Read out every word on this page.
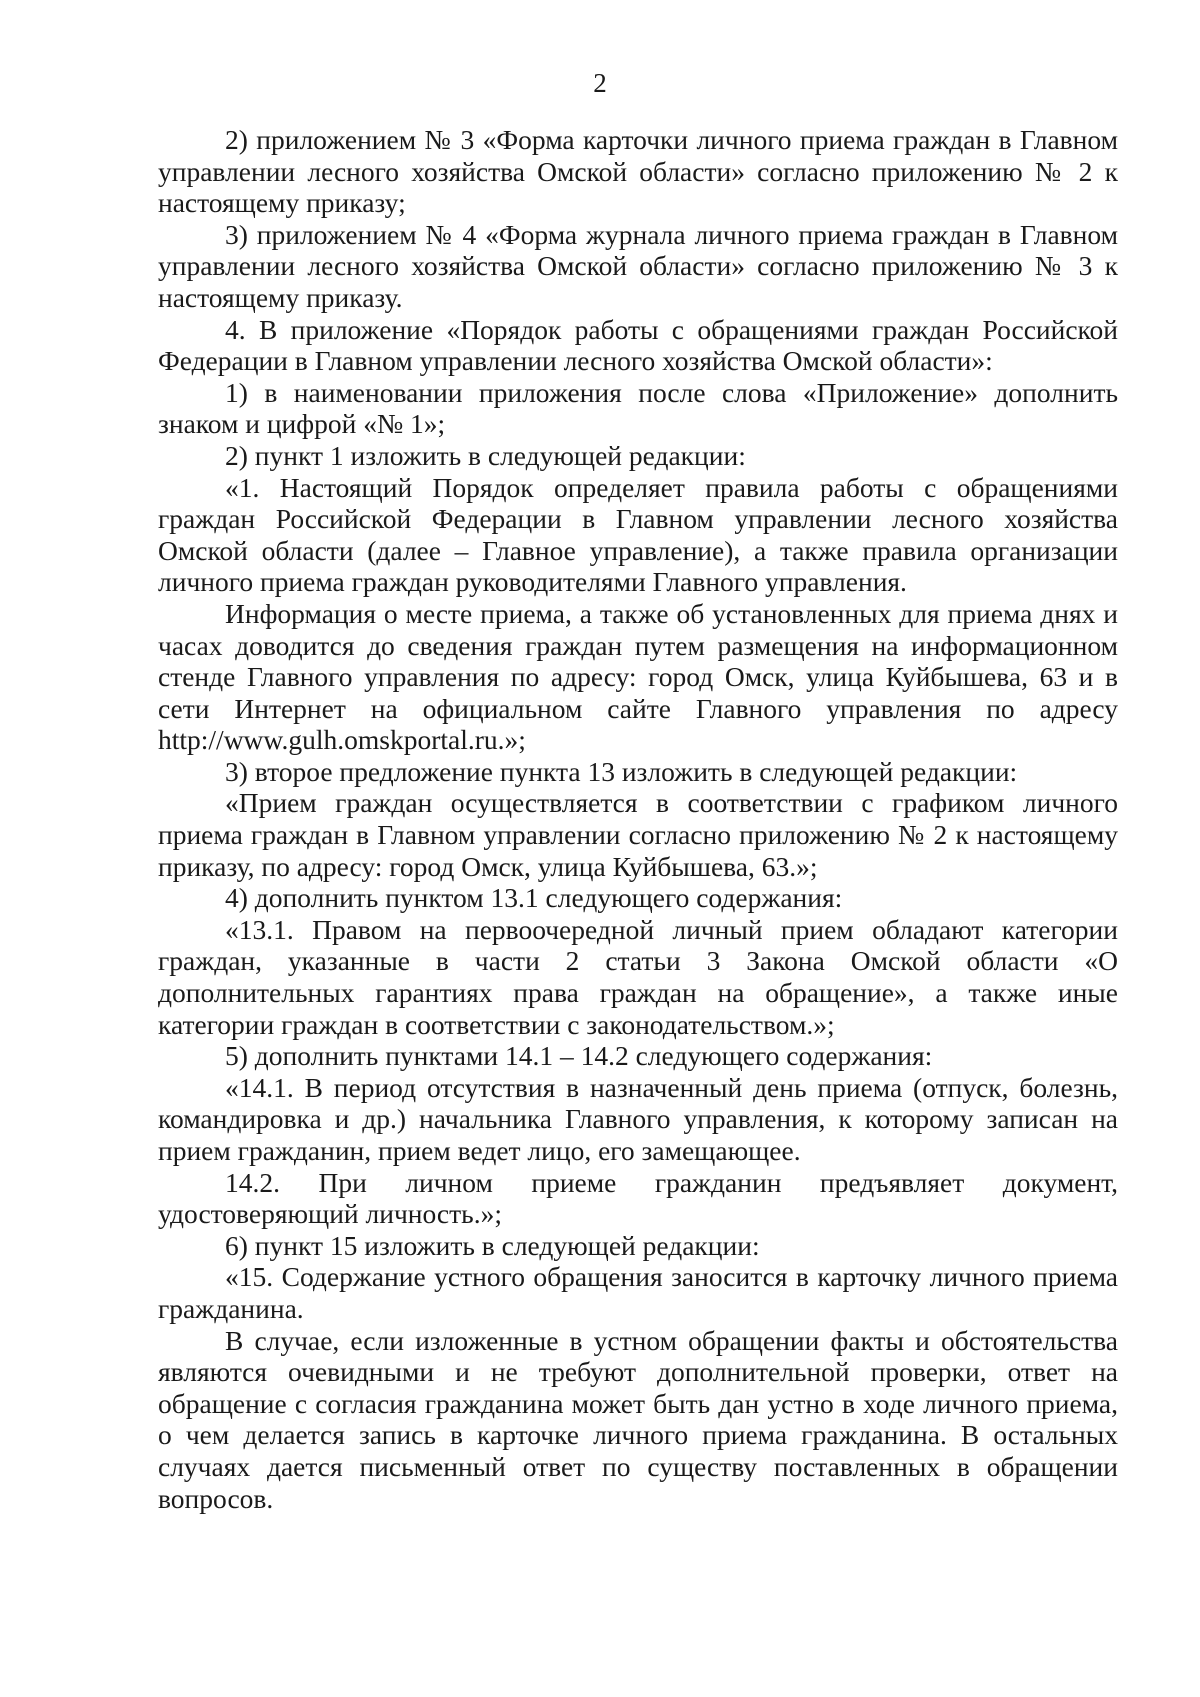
2

2) приложением № 3 «Форма карточки личного приема граждан в Главном управлении лесного хозяйства Омской области» согласно приложению № 2 к настоящему приказу;

3) приложением № 4 «Форма журнала личного приема граждан в Главном управлении лесного хозяйства Омской области» согласно приложению № 3 к настоящему приказу.

4. В приложение «Порядок работы с обращениями граждан Российской Федерации в Главном управлении лесного хозяйства Омской области»:

1) в наименовании приложения после слова «Приложение» дополнить знаком и цифрой «№ 1»;

2) пункт 1 изложить в следующей редакции:

«1. Настоящий Порядок определяет правила работы с обращениями граждан Российской Федерации в Главном управлении лесного хозяйства Омской области (далее – Главное управление), а также правила организации личного приема граждан руководителями Главного управления.

Информация о месте приема, а также об установленных для приема днях и часах доводится до сведения граждан путем размещения на информационном стенде Главного управления по адресу: город Омск, улица Куйбышева, 63 и в сети Интернет на официальном сайте Главного управления по адресу http://www.gulh.omskportal.ru.»;

3) второе предложение пункта 13 изложить в следующей редакции:

«Прием граждан осуществляется в соответствии с графиком личного приема граждан в Главном управлении согласно приложению № 2 к настоящему приказу, по адресу: город Омск, улица Куйбышева, 63.»;

4) дополнить пунктом 13.1 следующего содержания:

«13.1. Правом на первоочередной личный прием обладают категории граждан, указанные в части 2 статьи 3 Закона Омской области «О дополнительных гарантиях права граждан на обращение», а также иные категории граждан в соответствии с законодательством.»;

5) дополнить пунктами 14.1 – 14.2 следующего содержания:

«14.1. В период отсутствия в назначенный день приема (отпуск, болезнь, командировка и др.) начальника Главного управления, к которому записан на прием гражданин, прием ведет лицо, его замещающее.

14.2. При личном приеме гражданин предъявляет документ, удостоверяющий личность.»;

6) пункт 15 изложить в следующей редакции:

«15. Содержание устного обращения заносится в карточку личного приема гражданина.

В случае, если изложенные в устном обращении факты и обстоятельства являются очевидными и не требуют дополнительной проверки, ответ на обращение с согласия гражданина может быть дан устно в ходе личного приема, о чем делается запись в карточке личного приема гражданина. В остальных случаях дается письменный ответ по существу поставленных в обращении вопросов.
